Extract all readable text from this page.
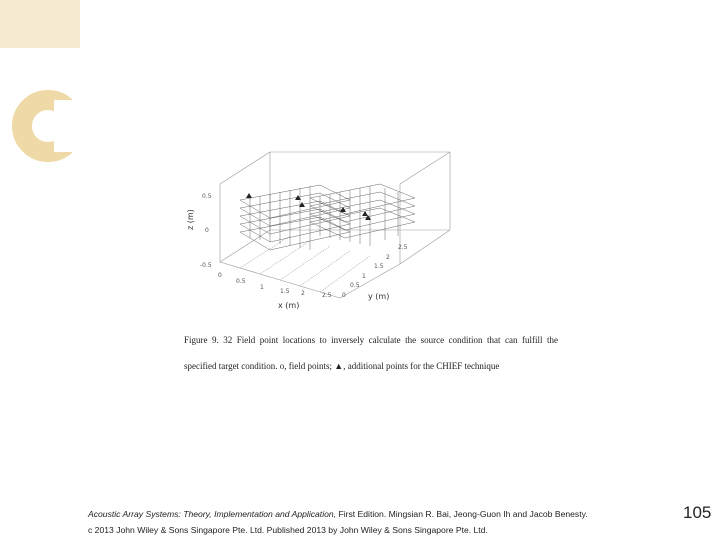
0.5
0
-0.5
0
0.5
1
1.5 2	2.5 0
0.5
1
1.5
2
2.5
z (m)
x (m)
y (m)
Figure 9. 32 Field point locations to inversely calculate the source condition that can fulfill the specified target condition. o, field points; ▲, additional points for the CHIEF technique
Acoustic Array Systems: Theory, Implementation and Application, First Edition. Mingsian R. Bai, Jeong-Guon Ih and Jacob Benesty.
c 2013 John Wiley & Sons Singapore Pte. Ltd. Published 2013 by John Wiley & Sons Singapore Pte. Ltd.
105
